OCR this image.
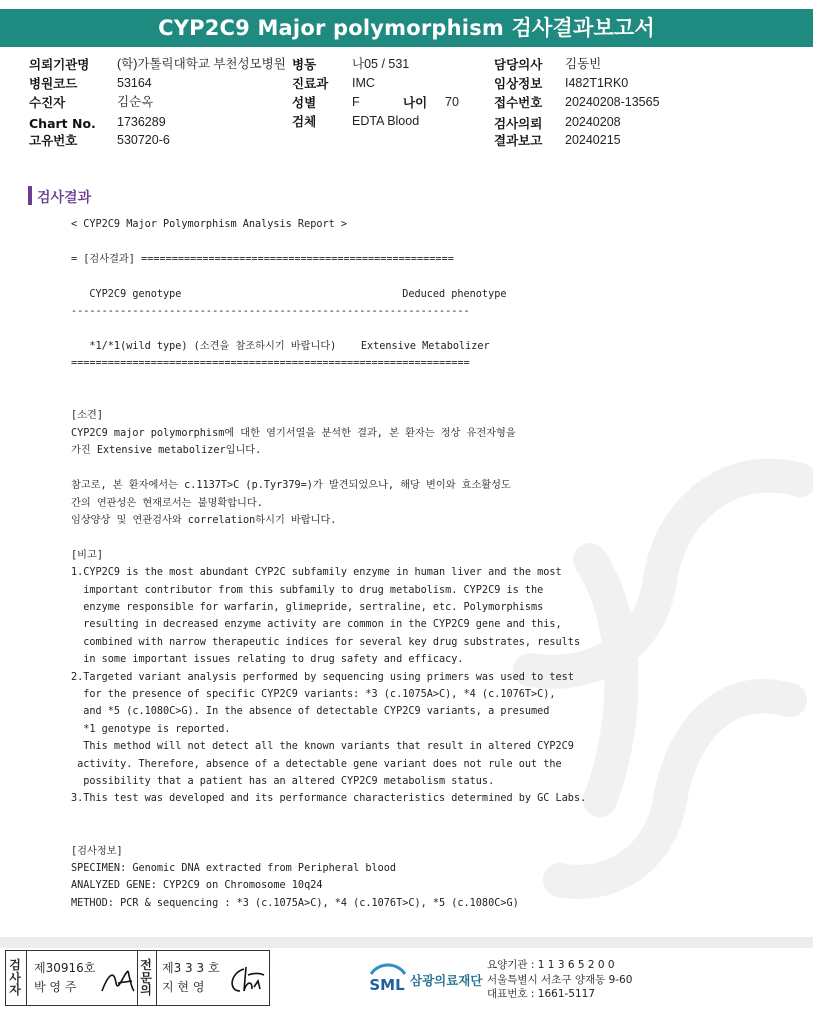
CYP2C9 Major polymorphism 검사결과보고서
의뢰기관명 (학)가톨릭대학교 부천성모병원
병원코드	53164
수진자	김순옥
Chart No. 1736289
고유번호	530720-6
병동	나05 / 531
진료과 IMC
성별	F	나이 70
검체	EDTA Blood
담당의사 김동빈
임상정보 I482T1RK0
접수번호 20240208-13565
검사의뢰 20240208
결과보고 20240215
검사결과
< CYP2C9 Major Polymorphism Analysis Report >

= [검사결과] ===================================================

CYP2C9 genotype                                    Deduced phenotype
-----------------------------------------------------------------

*1/*1(wild type) (소견을 참조하시기 바랍니다)    Extensive Metabolizer
=================================================================

[소견]
CYP2C9 major polymorphism에 대한 염기서열을 분석한 결과, 본 환자는 정상 유전자형을
가진 Extensive metabolizer입니다.

참고로, 본 환자에서는 c.1137T>C (p.Tyr379=)가 발견되었으나, 해당 변이와 효소활성도
간의 연관성은 현재로서는 불명확합니다.
임상양상 및 연관검사와 correlation하시기 바랍니다.

[비고]
1.CYP2C9 is the most abundant CYP2C subfamily enzyme in human liver and the most
important contributor from this subfamily to drug metabolism. CYP2C9 is the
enzyme responsible for warfarin, glimepride, sertraline, etc. Polymorphisms
resulting in decreased enzyme activity are common in the CYP2C9 gene and this,
combined with narrow therapeutic indices for several key drug substrates, results
in some important issues relating to drug safety and efficacy.
2.Targeted variant analysis performed by sequencing using primers was used to test
for the presence of specific CYP2C9 variants: *3 (c.1075A>C), *4 (c.1076T>C),
and *5 (c.1080C>G). In the absence of detectable CYP2C9 variants, a presumed
*1 genotype is reported.
This method will not detect all the known variants that result in altered CYP2C9
activity. Therefore, absence of a detectable gene variant does not rule out the
possibility that a patient has an altered CYP2C9 metabolism status.
3.This test was developed and its performance characteristics determined by GC Labs.

[검사정보]
SPECIMEN: Genomic DNA extracted from Peripheral blood
ANALYZED GENE: CYP2C9 on Chromosome 10q24
METHOD: PCR & sequencing : *3 (c.1075A>C), *4 (c.1076T>C), *5 (c.1080C>G)
검
사
자
제30916호
박 영 주
전
문
의
제3 3 3 호
지 현 영	SML 삼광의료재단
요양기관 : 1 1 3 6 5 2 0 0
서울특별시 서초구 양재동 9-60
대표번호 : 1661-5117
